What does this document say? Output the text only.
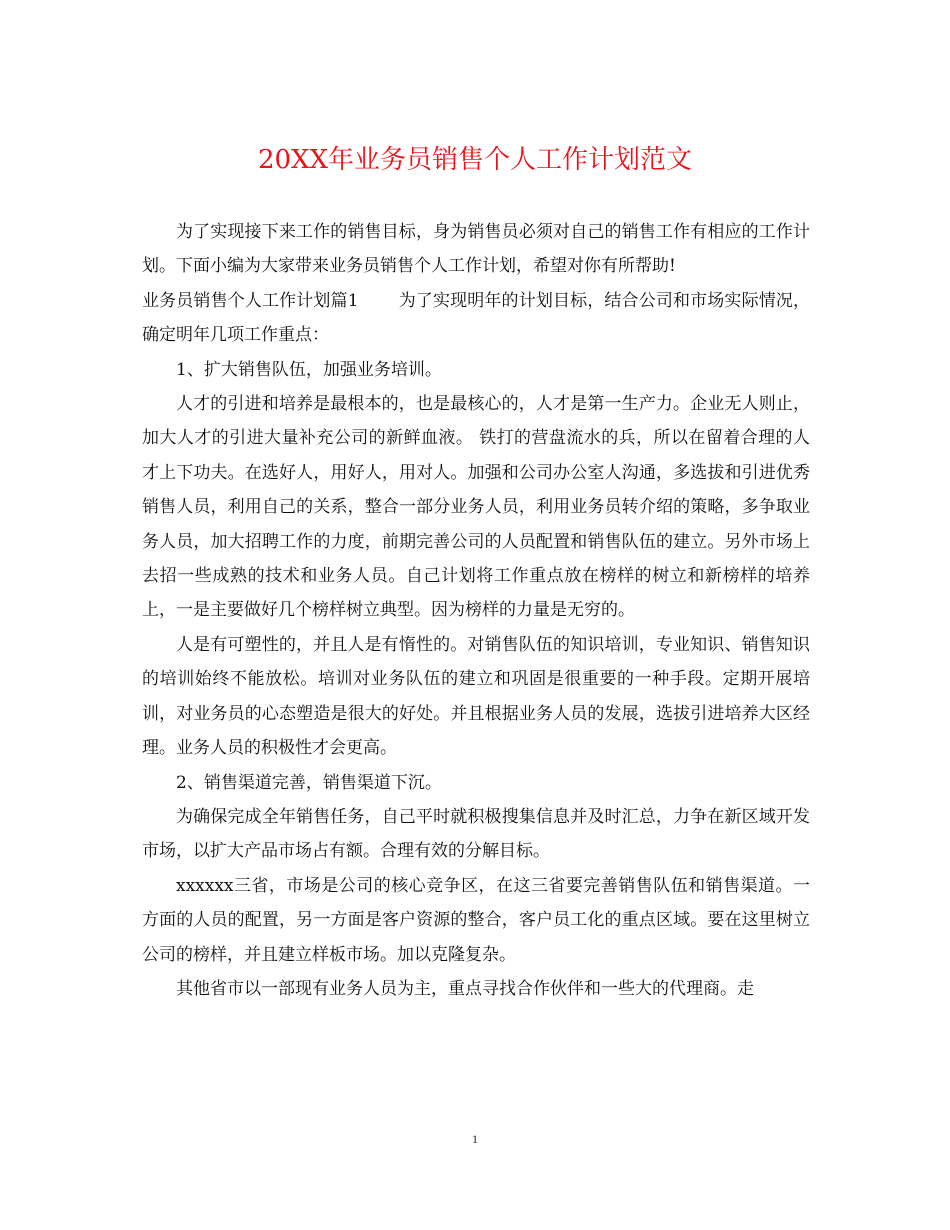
20XX年业务员销售个人工作计划范文

为了实现接下来工作的销售目标，身为销售员必须对自己的销售工作有相应的工作计划。下面小编为大家带来业务员销售个人工作计划，希望对你有所帮助!

业务员销售个人工作计划篇1 为了实现明年的计划目标，结合公司和市场实际情况，确定明年几项工作重点：

1、扩大销售队伍，加强业务培训。

人才的引进和培养是最根本的，也是最核心的，人才是第一生产力。企业无人则止，加大人才的引进大量补充公司的新鲜血液。 铁打的营盘流水的兵，所以在留着合理的人才上下功夫。在选好人，用好人，用对人。加强和公司办公室人沟通，多选拔和引进优秀销售人员，利用自己的关系，整合一部分业务人员，利用业务员转介绍的策略，多争取业务人员，加大招聘工作的力度，前期完善公司的人员配置和销售队伍的建立。另外市场上去招一些成熟的技术和业务人员。自己计划将工作重点放在榜样的树立和新榜样的培养上，一是主要做好几个榜样树立典型。因为榜样的力量是无穷的。

人是有可塑性的，并且人是有惰性的。对销售队伍的知识培训，专业知识、销售知识的培训始终不能放松。培训对业务队伍的建立和巩固是很重要的一种手段。定期开展培训，对业务员的心态塑造是很大的好处。并且根据业务人员的发展，选拔引进培养大区经理。业务人员的积极性才会更高。

2、销售渠道完善，销售渠道下沉。

为确保完成全年销售任务，自己平时就积极搜集信息并及时汇总，力争在新区域开发市场，以扩大产品市场占有额。合理有效的分解目标。

xxxxxx三省，市场是公司的核心竞争区，在这三省要完善销售队伍和销售渠道。一方面的人员的配置，另一方面是客户资源的整合，客户员工化的重点区域。要在这里树立公司的榜样，并且建立样板市场。加以克隆复杂。

其他省市以一部现有业务人员为主，重点寻找合作伙伴和一些大的代理商。走

1
